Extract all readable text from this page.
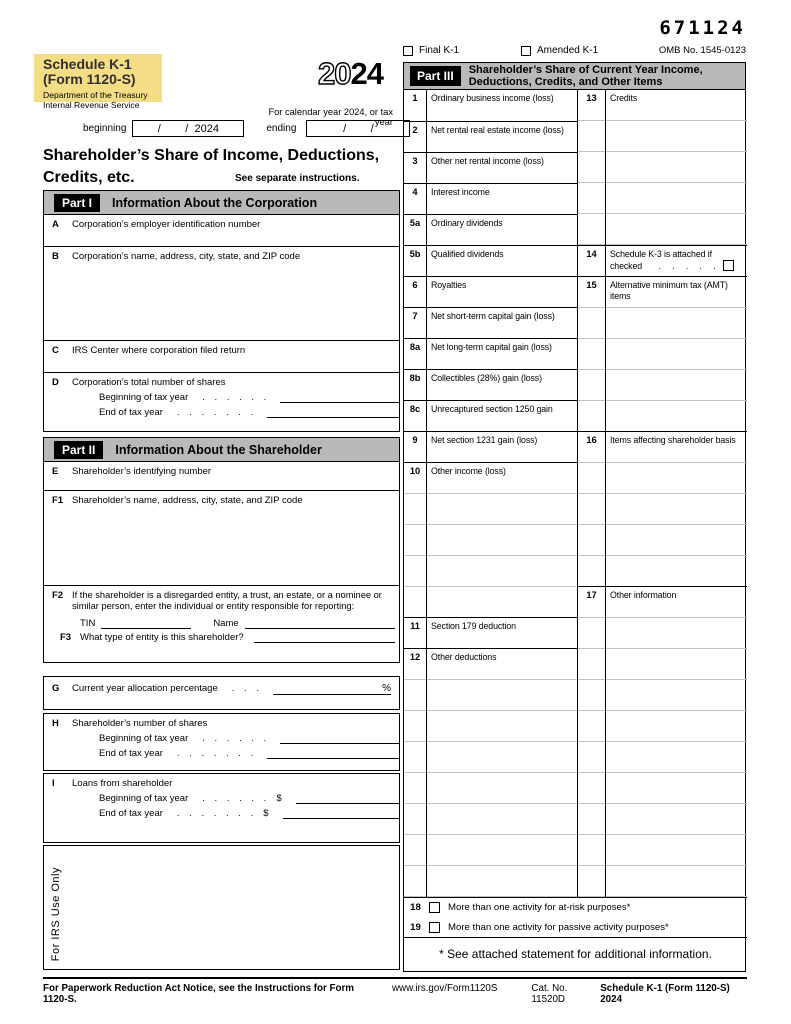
671124
Schedule K-1
(Form 1120-S)
Department of the Treasury
Internal Revenue Service
2024
Final K-1	Amended K-1	OMB No. 1545-0123
For calendar year 2024, or tax year
beginning	/        /  2024	ending	/        /
Shareholder’s Share of Income, Deductions,
Credits, etc.	See separate instructions.
Part I	Information About the Corporation
A Corporation’s employer identification number
B Corporation’s name, address, city, state, and ZIP code
C IRS Center where corporation filed return
D Corporation’s total number of shares
Beginning of tax year . . . . . .
End of tax year . . . . . . .
Part II	Information About the Shareholder
E Shareholder’s identifying number
F1 Shareholder’s name, address, city, state, and ZIP code
F2 If the shareholder is a disregarded entity, a trust, an estate, or a nominee or similar person, enter the individual or entity responsible for reporting:
TIN	Name
F3 What type of entity is this shareholder?
G	Current year allocation percentage . . .	%
H Shareholder’s number of shares
Beginning of tax year . . . . . .
End of tax year . . . . . . .
I Loans from shareholder
Beginning of tax year . . . . . . $
End of tax year . . . . . . . $
For IRS Use Only
Part III	Shareholder’s Share of Current Year Income,
Deductions, Credits, and Other Items
1	Ordinary business income (loss)
2	Net rental real estate income (loss)
3	Other net rental income (loss)
4	Interest income
5a	Ordinary dividends
5b	Qualified dividends
6	Royalties
7	Net short-term capital gain (loss)
8a	Net long-term capital gain (loss)
8b	Collectibles (28%) gain (loss)
8c	Unrecaptured section 1250 gain
9	Net section 1231 gain (loss)
10	Other income (loss)
11	Section 179 deduction
12	Other deductions
13	Credits
14	Schedule K-3 is attached if
checked . . . . .
15	Alternative minimum tax (AMT) items
16	Items affecting shareholder basis
17	Other information
18	More than one activity for at-risk purposes*
19	More than one activity for passive activity purposes*
* See attached statement for additional information.
For Paperwork Reduction Act Notice, see the Instructions for Form 1120-S.
www.irs.gov/Form1120S	Cat. No. 11520D
Schedule K-1 (Form 1120-S) 2024
